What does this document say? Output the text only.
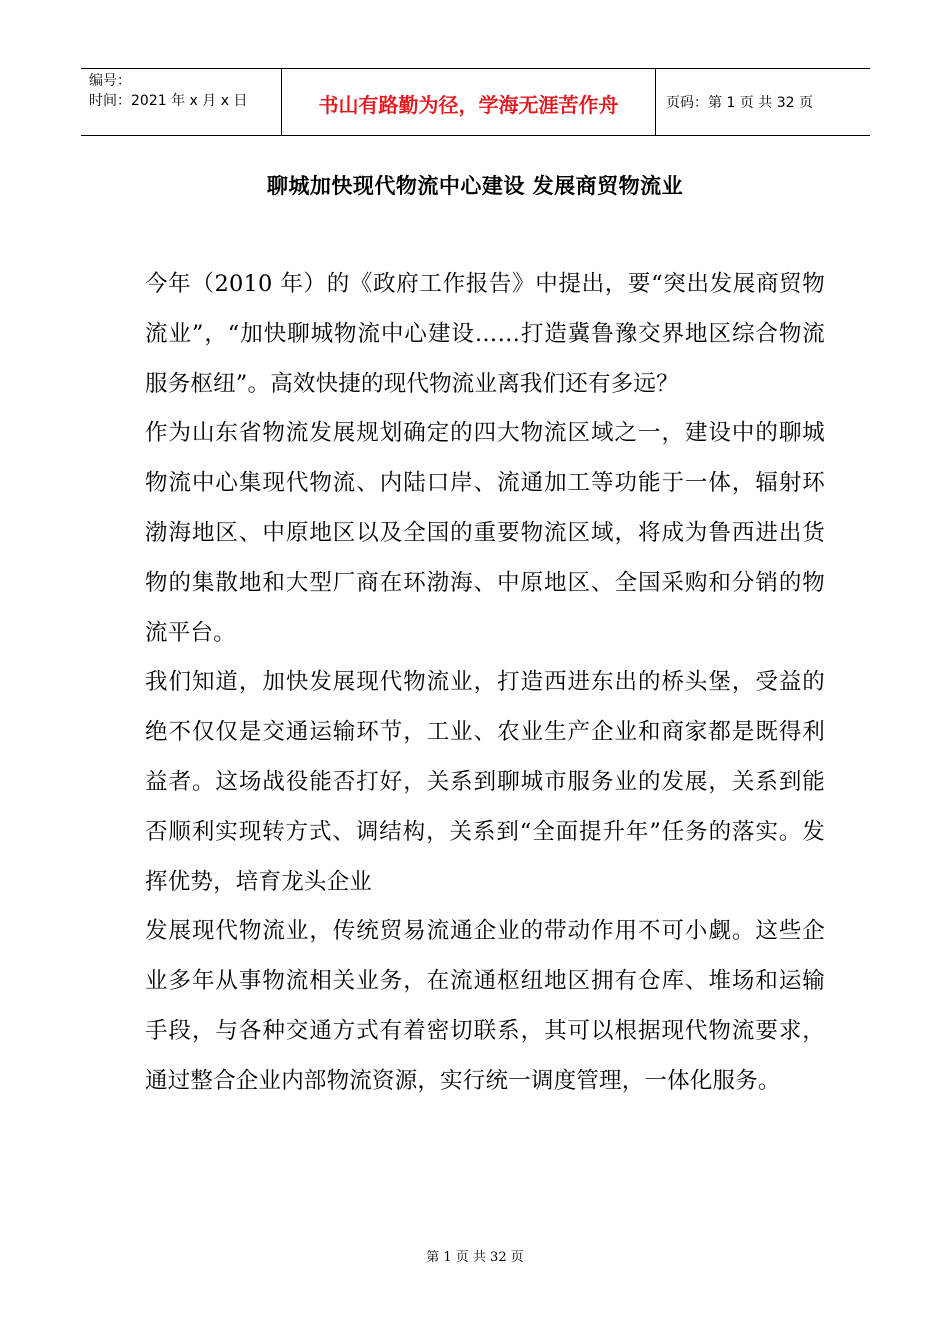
编号：
时间：2021 年 x 月 x 日	书山有路勤为径，学海无涯苦作舟	页码：第 1 页 共 32 页
聊城加快现代物流中心建设 发展商贸物流业

今年（2010 年）的《政府工作报告》中提出，要“突出发展商贸物流业”，“加快聊城物流中心建设……打造冀鲁豫交界地区综合物流服务枢纽”。高效快捷的现代物流业离我们还有多远？

作为山东省物流发展规划确定的四大物流区域之一，建设中的聊城物流中心集现代物流、内陆口岸、流通加工等功能于一体，辐射环渤海地区、中原地区以及全国的重要物流区域，将成为鲁西进出货物的集散地和大型厂商在环渤海、中原地区、全国采购和分销的物流平台。

我们知道，加快发展现代物流业，打造西进东出的桥头堡，受益的绝不仅仅是交通运输环节，工业、农业生产企业和商家都是既得利益者。这场战役能否打好，关系到聊城市服务业的发展，关系到能否顺利实现转方式、调结构，关系到“全面提升年”任务的落实。发挥优势，培育龙头企业

发展现代物流业，传统贸易流通企业的带动作用不可小觑。这些企业多年从事物流相关业务，在流通枢纽地区拥有仓库、堆场和运输手段，与各种交通方式有着密切联系，其可以根据现代物流要求，通过整合企业内部物流资源，实行统一调度管理，一体化服务。

第 1 页 共 32 页
